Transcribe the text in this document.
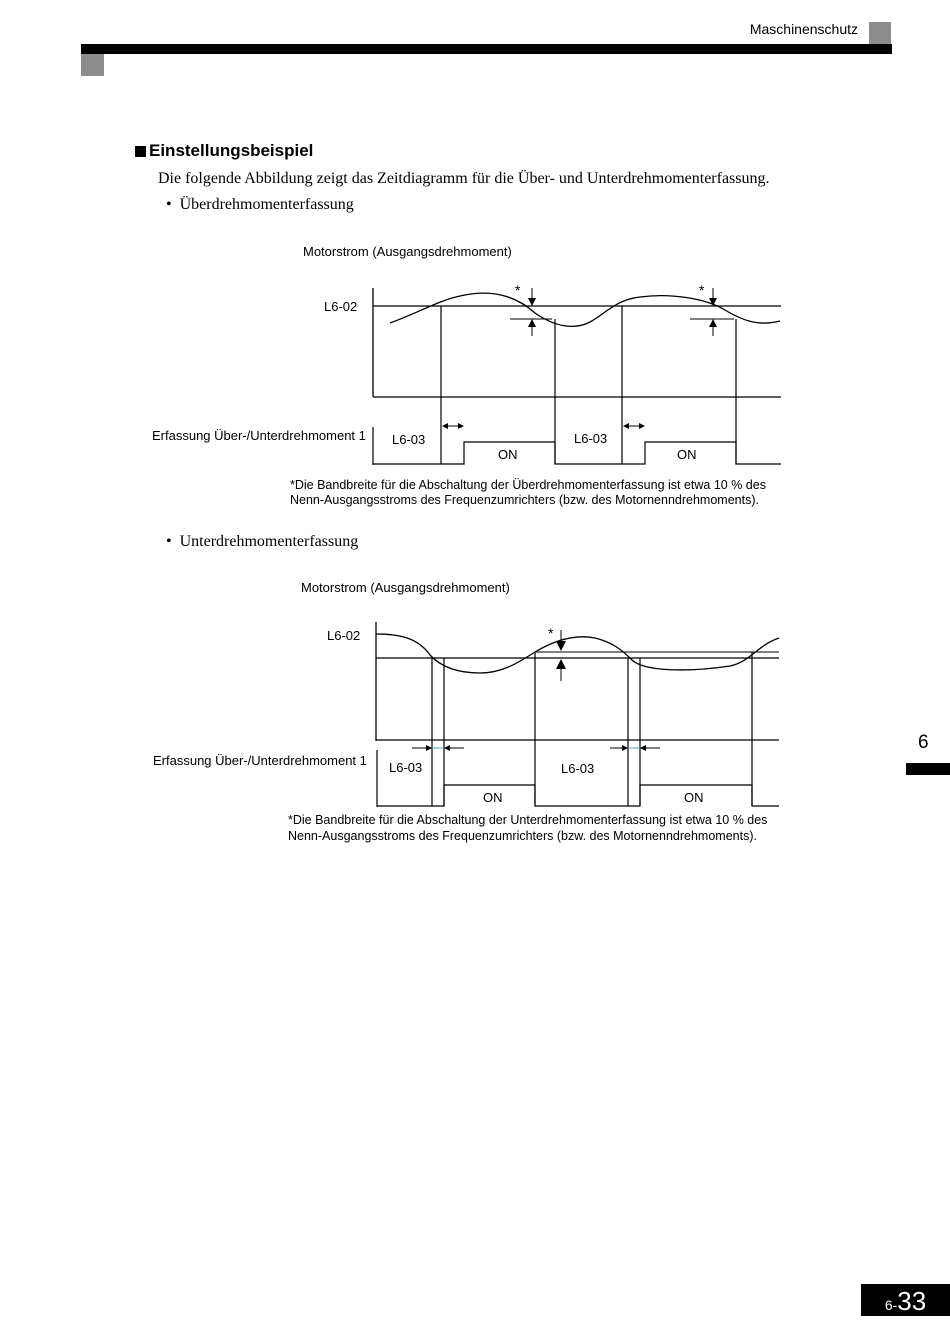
Maschinenschutz
Einstellungsbeispiel
Die folgende Abbildung zeigt das Zeitdiagramm für die Über- und Unterdrehmomenterfassung.
• Überdrehmomenterfassung
Motorstrom (Ausgangsdrehmoment)
L6-02
Erfassung Über-/Unterdrehmoment 1
*	*
L6-03	L6-03
ON	ON
*Die Bandbreite für die Abschaltung der Überdrehmomenterfassung ist etwa 10 % des
Nenn-Ausgangsstroms des Frequenzumrichters (bzw. des Motornenndrehmoments).
• Unterdrehmomenterfassung
Motorstrom (Ausgangsdrehmoment)
L6-02
Erfassung Über-/Unterdrehmoment 1
*
L6-03	L6-03
ON	ON
*Die Bandbreite für die Abschaltung der Unterdrehmomenterfassung ist etwa 10 % des
Nenn-Ausgangsstroms des Frequenzumrichters (bzw. des Motornenndrehmoments).
6
6- 33
